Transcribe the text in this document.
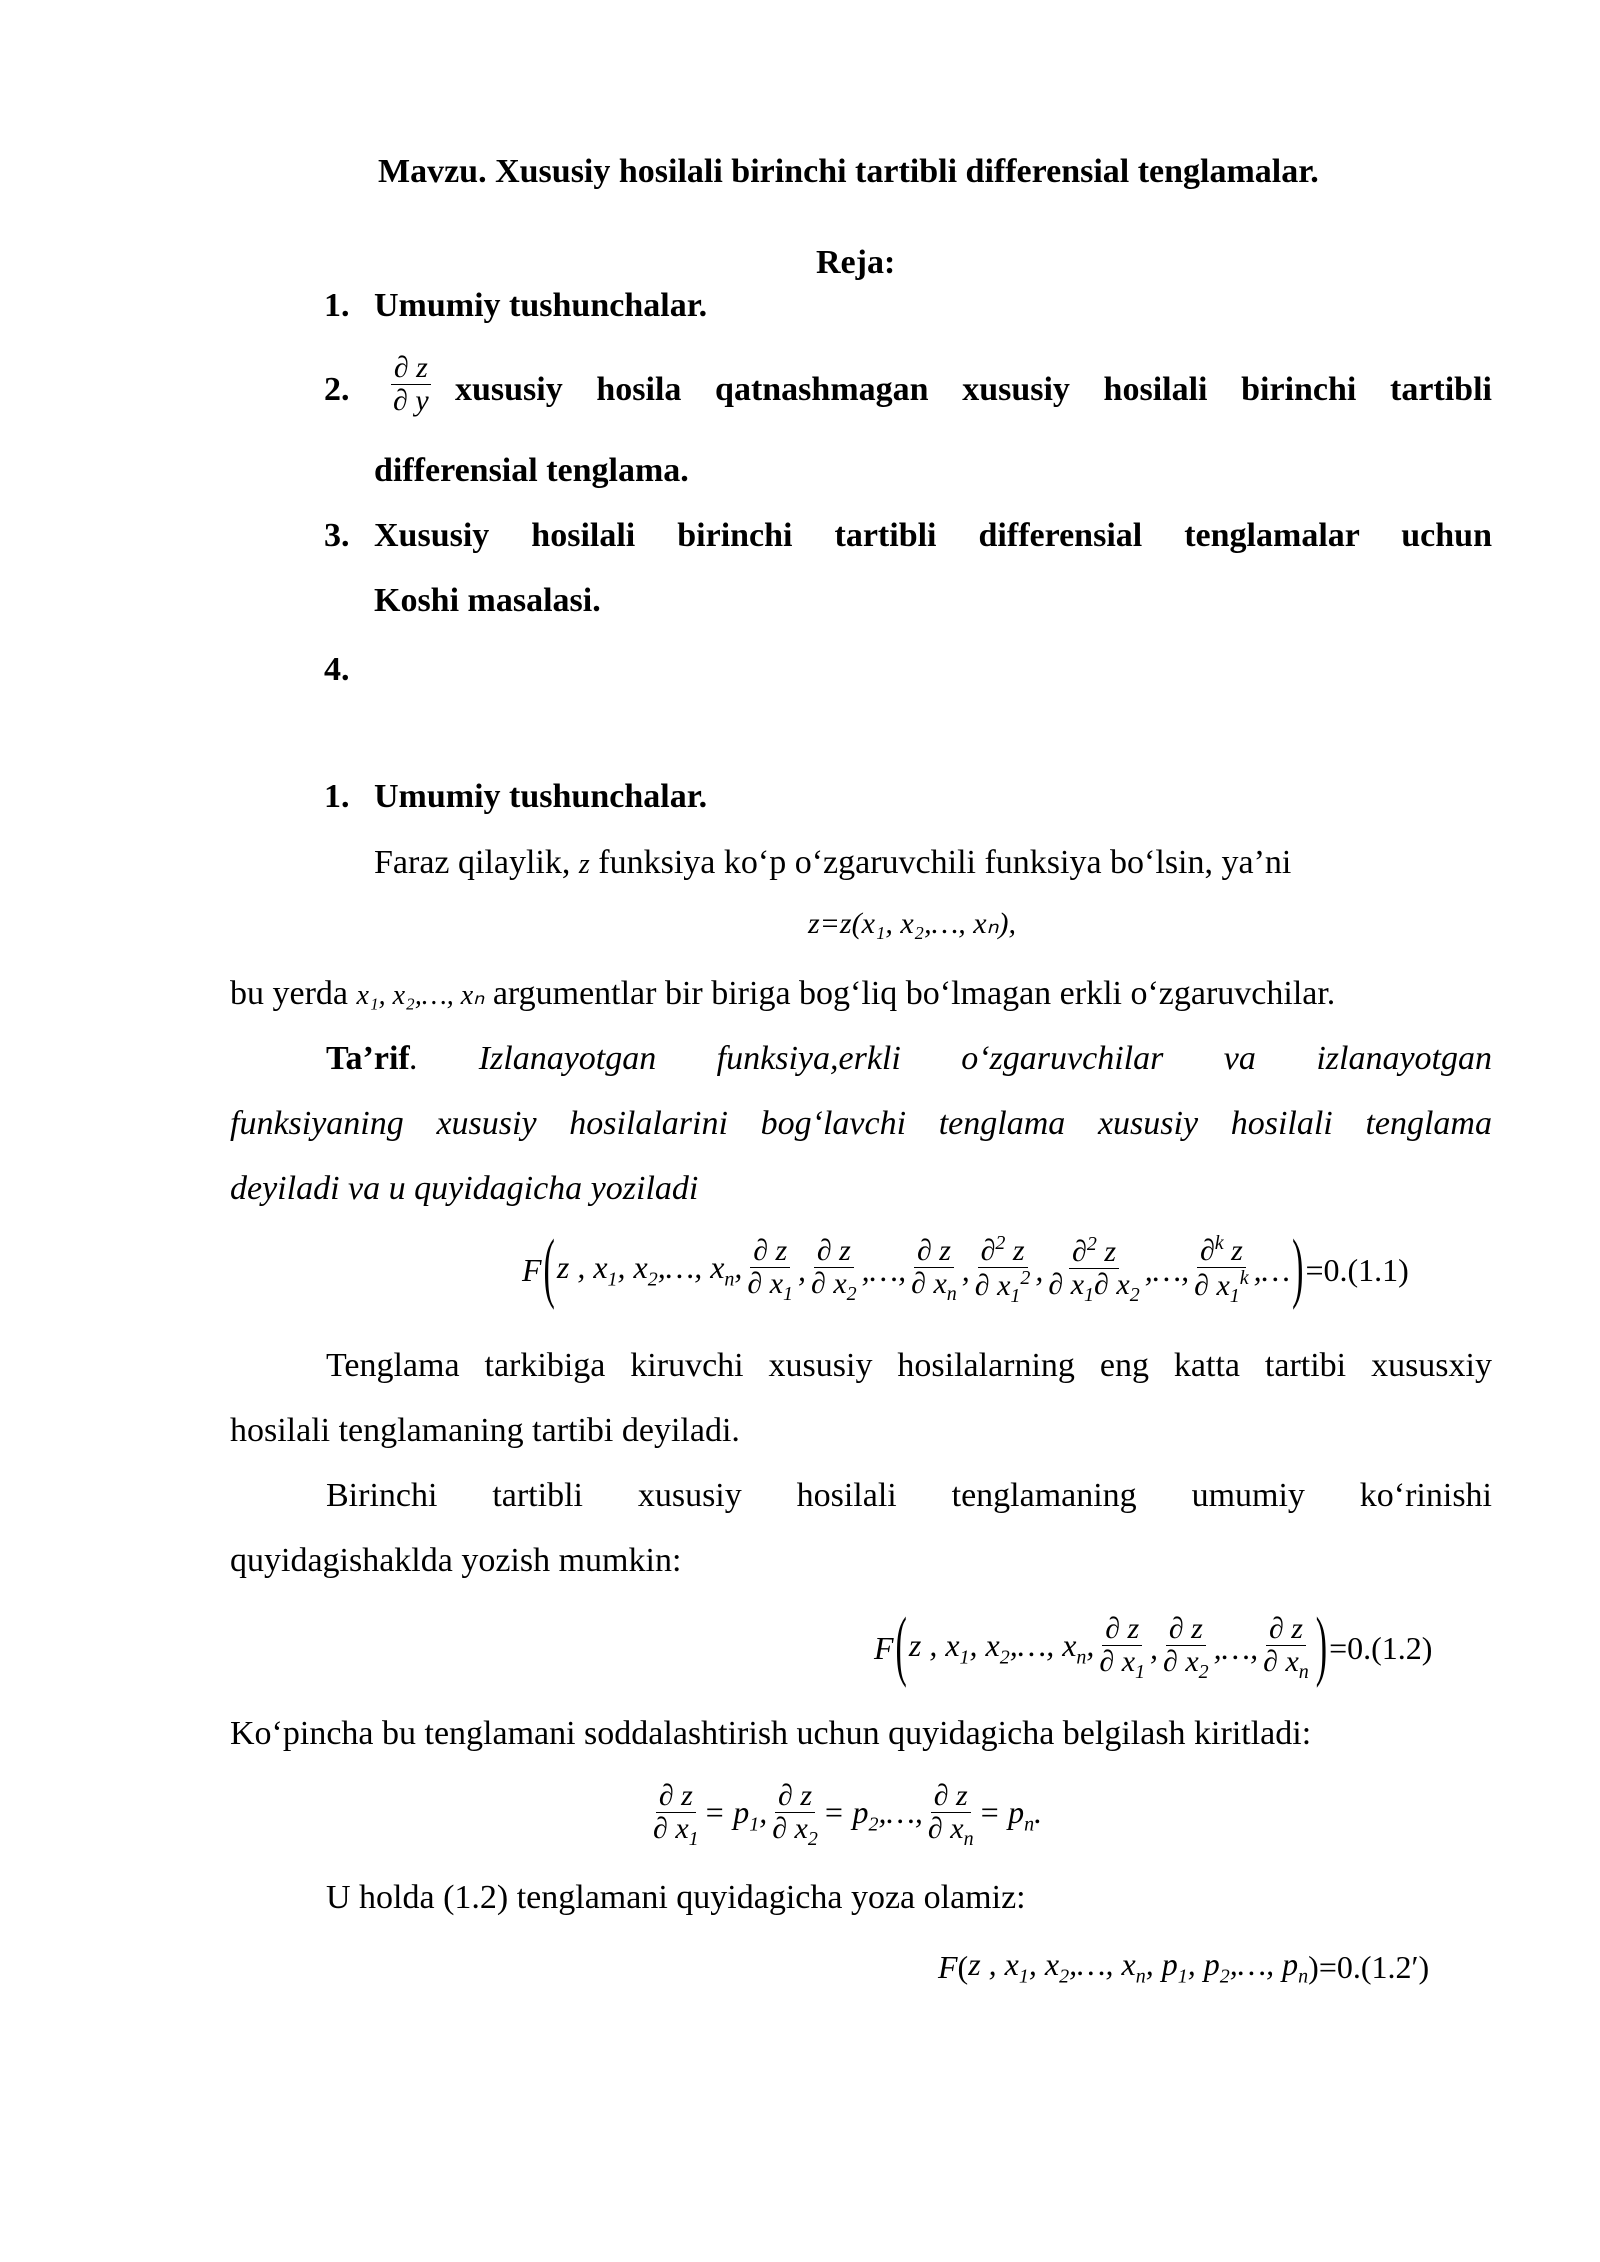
Mavzu. Xususiy hosilali birinchi tartibli differensial tenglamalar.
Reja:
1. Umumiy tushunchalar.
2. $\frac{\partial z}{\partial y}$ xususiy hosila qatnashmagan xususiy hosilali birinchi tartibli
differensial tenglama.
3. Xususiy hosilali birinchi tartibli differensial tenglamalar uchun
Koshi masalasi.
4.
1. Umumiy tushunchalar.
Faraz qilaylik, z funksiya ko‘p o‘zgaruvchili funksiya bo‘lsin, ya’ni
z=z(x₁, x₂,…, xₙ),
bu yerda x₁, x₂,…, xₙ argumentlar bir biriga bog‘liq bo‘lmagan erkli o‘zgaruvchilar.
Ta’rif . Izlanayotgan funksiya,erkli o‘zgaruvchilar va izlanayotgan
funksiyaning xususiy hosilalarini bog‘lavchi tenglama xususiy hosilali tenglama
deyiladi va u quyidagicha yoziladi
F ( z , $x_1$, $x_2,\dots$, $x_n$, $\frac{\partial z}{\partial x_1}$ , $\frac{\partial z}{\partial x_2}$ ,…, $\frac{\partial z}{\partial x_n}$ , $\frac{\partial^2 z}{\partial x_1^2}$ , $\frac{\partial^2 z}{\partial x_1\partial x_2}$ ,…, $\frac{\partial^k z}{\partial x_1^k}$ ,… ) =0.(1.1)
Tenglama tarkibiga kiruvchi xususiy hosilalarning eng katta tartibi xususxiy
hosilali tenglamaning tartibi deyiladi.
Birinchi tartibli xususiy hosilali tenglamaning umumiy ko‘rinishi
quyidagishaklda yozish mumkin:
F ( z , $x_1$, $x_2,\dots$, $x_n$, $\frac{\partial z}{\partial x_1}$ , $\frac{\partial z}{\partial x_2}$ ,…, $\frac{\partial z}{\partial x_n}$ ) =0.(1.2)
Ko‘pincha bu tenglamani soddalashtirish uchun quyidagicha belgilash kiritladi:
$\frac{\partial z}{\partial x_1} = p_1$, $\frac{\partial z}{\partial x_2}$ = $p_2,\dots$, $\frac{\partial z}{\partial x_n} = p_n$.
U holda (1.2) tenglamani quyidagicha yoza olamiz:
F ( z , $x_1$, $x_2,\dots$, $x_n$, $p_1$, $p_2,\dots$, $p_n$ ) =0.(1.2′)
